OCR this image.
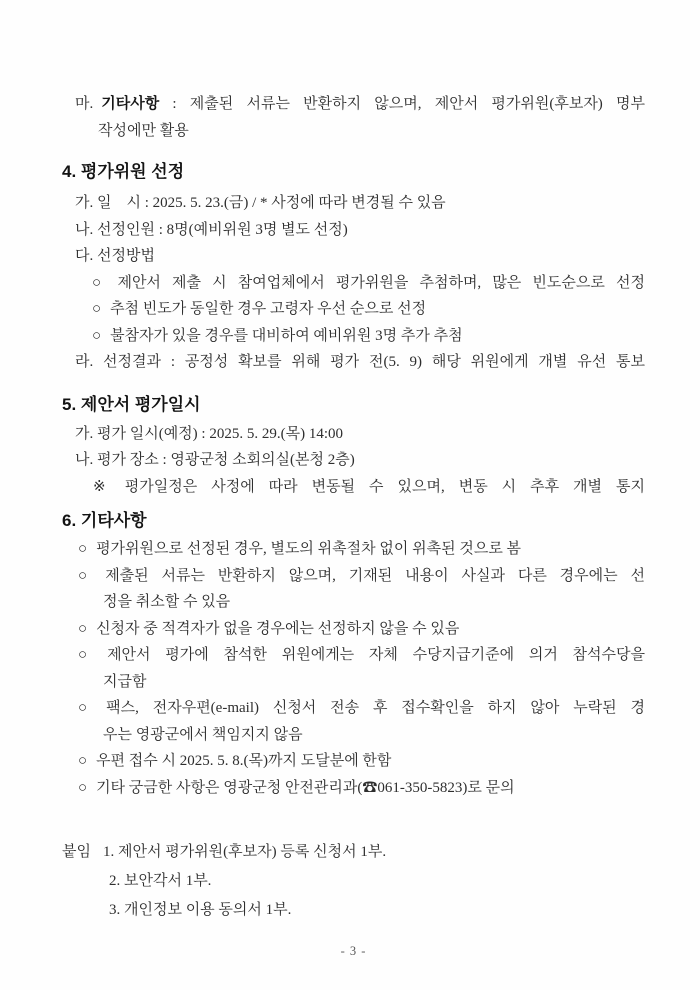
마. 기타사항 : 제출된 서류는 반환하지 않으며, 제안서 평가위원(후보자) 명부
작성에만 활용
4. 평가위원 선정

가. 일    시 : 2025. 5. 23.(금) / * 사정에 따라 변경될 수 있음

나. 선정인원 : 8명(예비위원 3명 별도 선정)

다. 선정방법

○ 제안서 제출 시 참여업체에서 평가위원을 추첨하며, 많은 빈도순으로 선정

○ 추첨 빈도가 동일한 경우 고령자 우선 순으로 선정

○ 불참자가 있을 경우를 대비하여 예비위원 3명 추가 추첨

라. 선정결과 : 공정성 확보를 위해 평가 전(5. 9) 해당 위원에게 개별 유선 통보

5. 제안서 평가일시

가. 평가 일시(예정) : 2025. 5. 29.(목) 14:00

나. 평가 장소 : 영광군청 소회의실(본청 2층)

※ 평가일정은 사정에 따라 변동될 수 있으며, 변동 시 추후 개별 통지

6. 기타사항

○ 평가위원으로 선정된 경우, 별도의 위촉절차 없이 위촉된 것으로 봄

○ 제출된 서류는 반환하지 않으며, 기재된 내용이 사실과 다른 경우에는 선
정을 취소할 수 있음

○ 신청자 중 적격자가 없을 경우에는 선정하지 않을 수 있음

○ 제안서 평가에 참석한 위원에게는 자체 수당지급기준에 의거 참석수당을
지급함
○ 팩스, 전자우편(e-mail) 신청서 전송 후 접수확인을 하지 않아 누락된 경
우는 영광군에서 책임지지 않음

○ 우편 접수 시 2025. 5. 8.(목)까지 도달분에 한함

○ 기타 궁금한 사항은 영광군청 안전관리과(☎061-350-5823)로 문의

붙임 1. 제안서 평가위원(후보자) 등록 신청서 1부.

2. 보안각서 1부.

3. 개인정보 이용 동의서 1부.

- 3 -
